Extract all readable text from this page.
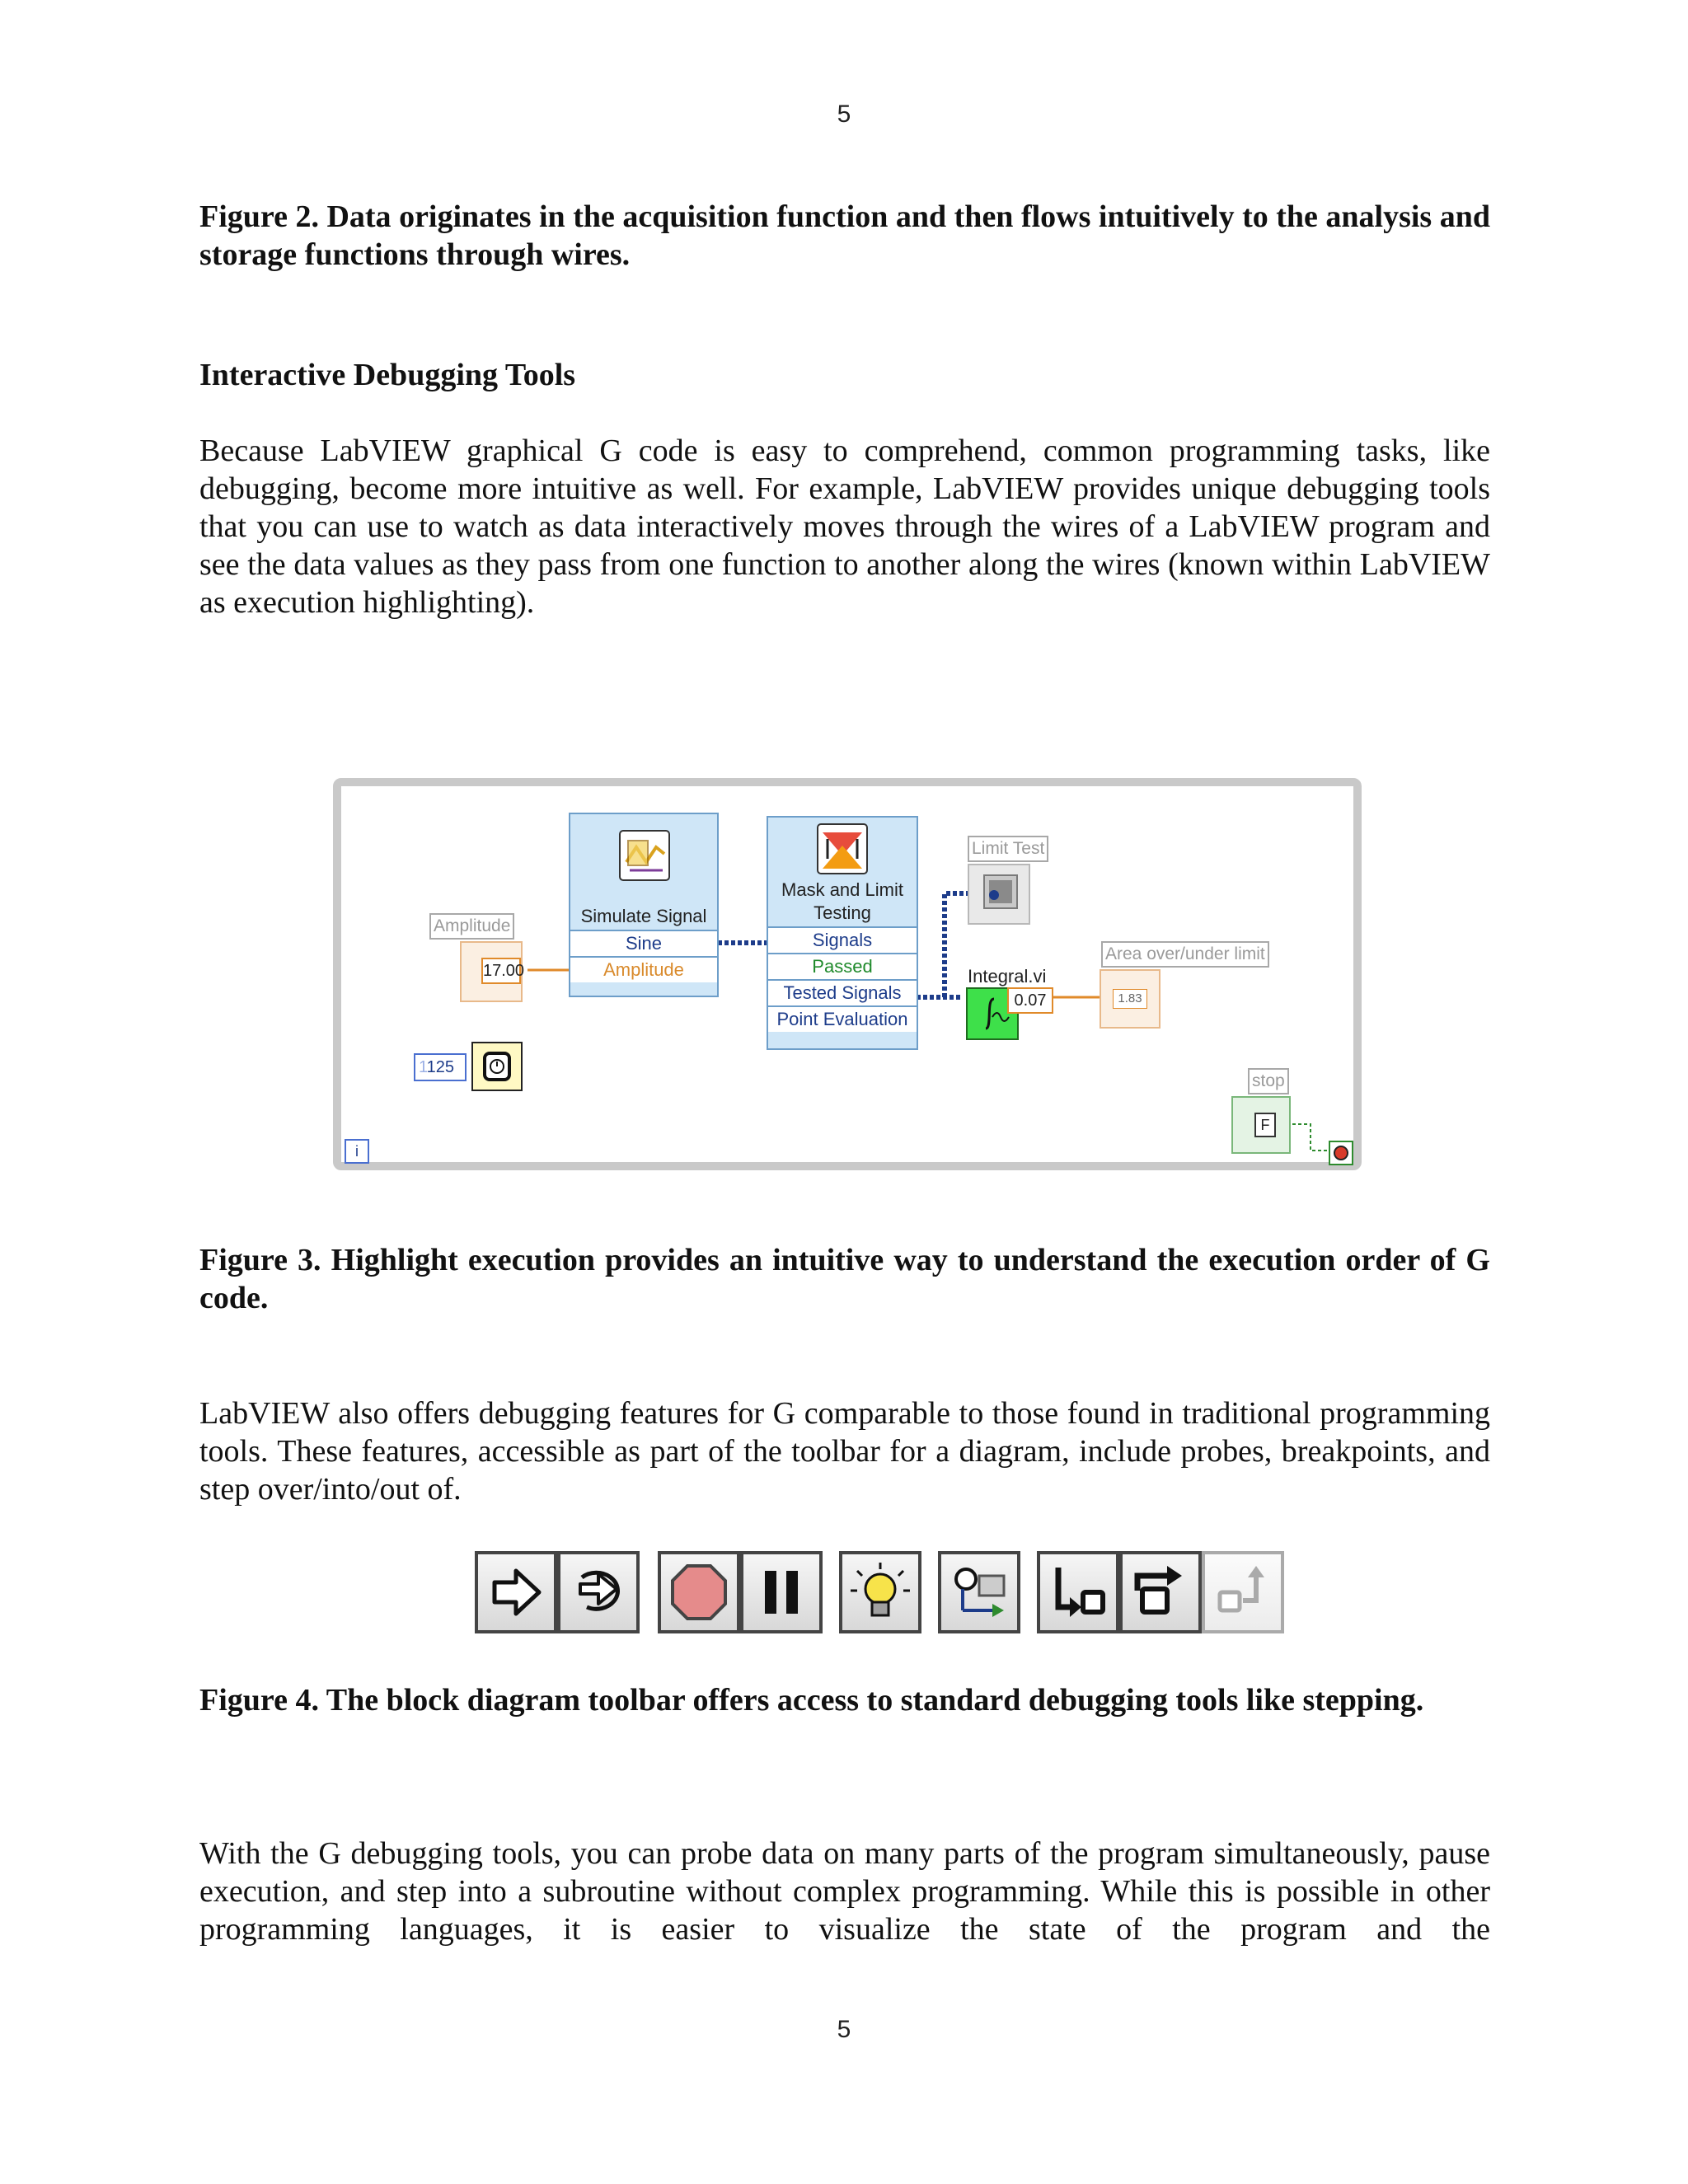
5
Figure 2. Data originates in the acquisition function and then flows intuitively to the analysis and storage functions through wires.
Interactive Debugging Tools
Because LabVIEW graphical G code is easy to comprehend, common programming tasks, like debugging, become more intuitive as well. For example, LabVIEW provides unique debugging tools that you can use to watch as data interactively moves through the wires of a LabVIEW program and see the data values as they pass from one function to another along the wires (known within LabVIEW as execution highlighting).
Amplitude
17.00
1125
Simulate Signal
Sine
Amplitude
Mask and Limit
Testing
Signals
Passed
Tested Signals
Point Evaluation
Limit Test
Integral.vi
0.07
Area over/under limit
1.83
stop
F
i
Figure 3. Highlight execution provides an intuitive way to understand the execution order of G code.
LabVIEW also offers debugging features for G comparable to those found in traditional programming tools. These features, accessible as part of the toolbar for a diagram, include probes, breakpoints, and step over/into/out of.
Figure 4. The block diagram toolbar offers access to standard debugging tools like stepping.
With the G debugging tools, you can probe data on many parts of the program simultaneously, pause execution, and step into a subroutine without complex programming. While this is possible in other programming languages, it is easier to visualize the state of the program and the
5
